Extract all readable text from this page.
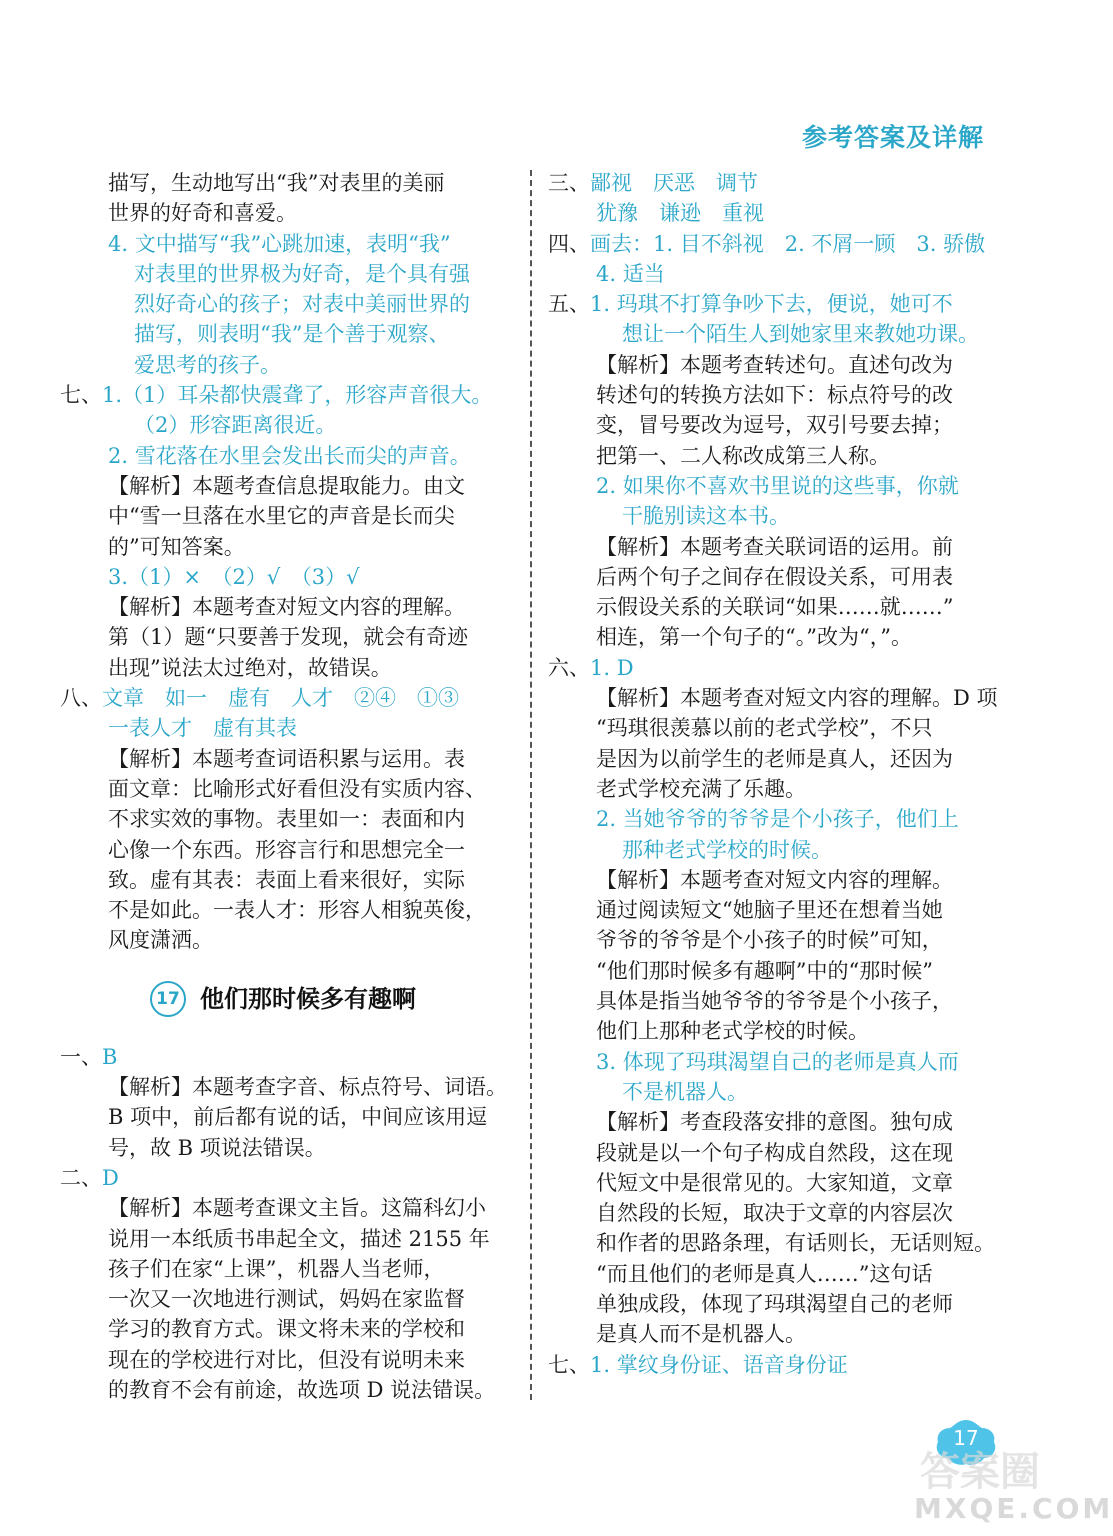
参考答案及详解
描写，生动地写出“我”对表里的美丽
世界的好奇和喜爱。
4. 文中描写“我”心跳加速，表明“我”
对表里的世界极为好奇，是个具有强
烈好奇心的孩子；对表中美丽世界的
描写，则表明“我”是个善于观察、
爱思考的孩子。
七、1.（1）耳朵都快震聋了，形容声音很大。
（2）形容距离很近。
2. 雪花落在水里会发出长而尖的声音。
【解析】本题考查信息提取能力。由文
中“雪一旦落在水里它的声音是长而尖
的”可知答案。
3.（1）×　（2）√　（3）√
【解析】本题考查对短文内容的理解。
第（1）题“只要善于发现，就会有奇迹
出现”说法太过绝对，故错误。
八、文章　如一　虚有　人才　②④　①③
一表人才　虚有其表
【解析】本题考查词语积累与运用。表
面文章：比喻形式好看但没有实质内容、
不求实效的事物。表里如一：表面和内
心像一个东西。形容言行和思想完全一
致。虚有其表：表面上看来很好，实际
不是如此。一表人才：形容人相貌英俊，
风度潇洒。
17 他们那时候多有趣啊
一、B
【解析】本题考查字音、标点符号、词语。
B 项中，前后都有说的话，中间应该用逗
号，故 B 项说法错误。
二、D
【解析】本题考查课文主旨。这篇科幻小
说用一本纸质书串起全文，描述 2155 年
孩子们在家“上课”，机器人当老师，
一次又一次地进行测试，妈妈在家监督
学习的教育方式。课文将未来的学校和
现在的学校进行对比，但没有说明未来
的教育不会有前途，故选项 D 说法错误。
三、鄙视　厌恶　调节
犹豫　谦逊　重视
四、画去：1. 目不斜视　2. 不屑一顾　3. 骄傲
4. 适当
五、1. 玛琪不打算争吵下去，便说，她可不
想让一个陌生人到她家里来教她功课。
【解析】本题考查转述句。直述句改为
转述句的转换方法如下：标点符号的改
变，冒号要改为逗号，双引号要去掉；
把第一、二人称改成第三人称。
2. 如果你不喜欢书里说的这些事，你就
干脆别读这本书。
【解析】本题考查关联词语的运用。前
后两个句子之间存在假设关系，可用表
示假设关系的关联词“如果……就……”
相连，第一个句子的“。”改为“，”。
六、1. D
【解析】本题考查对短文内容的理解。D 项
“玛琪很羡慕以前的老式学校”，不只
是因为以前学生的老师是真人，还因为
老式学校充满了乐趣。
2. 当她爷爷的爷爷是个小孩子，他们上
那种老式学校的时候。
【解析】本题考查对短文内容的理解。
通过阅读短文“她脑子里还在想着当她
爷爷的爷爷是个小孩子的时候”可知，
“他们那时候多有趣啊”中的“那时候”
具体是指当她爷爷的爷爷是个小孩子，
他们上那种老式学校的时候。
3. 体现了玛琪渴望自己的老师是真人而
不是机器人。
【解析】考查段落安排的意图。独句成
段就是以一个句子构成自然段，这在现
代短文中是很常见的。大家知道，文章
自然段的长短，取决于文章的内容层次
和作者的思路条理，有话则长，无话则短。
“而且他们的老师是真人……”这句话
单独成段，体现了玛琪渴望自己的老师
是真人而不是机器人。
七、1. 掌纹身份证、语音身份证
17
答案圈
MXQE.COM
